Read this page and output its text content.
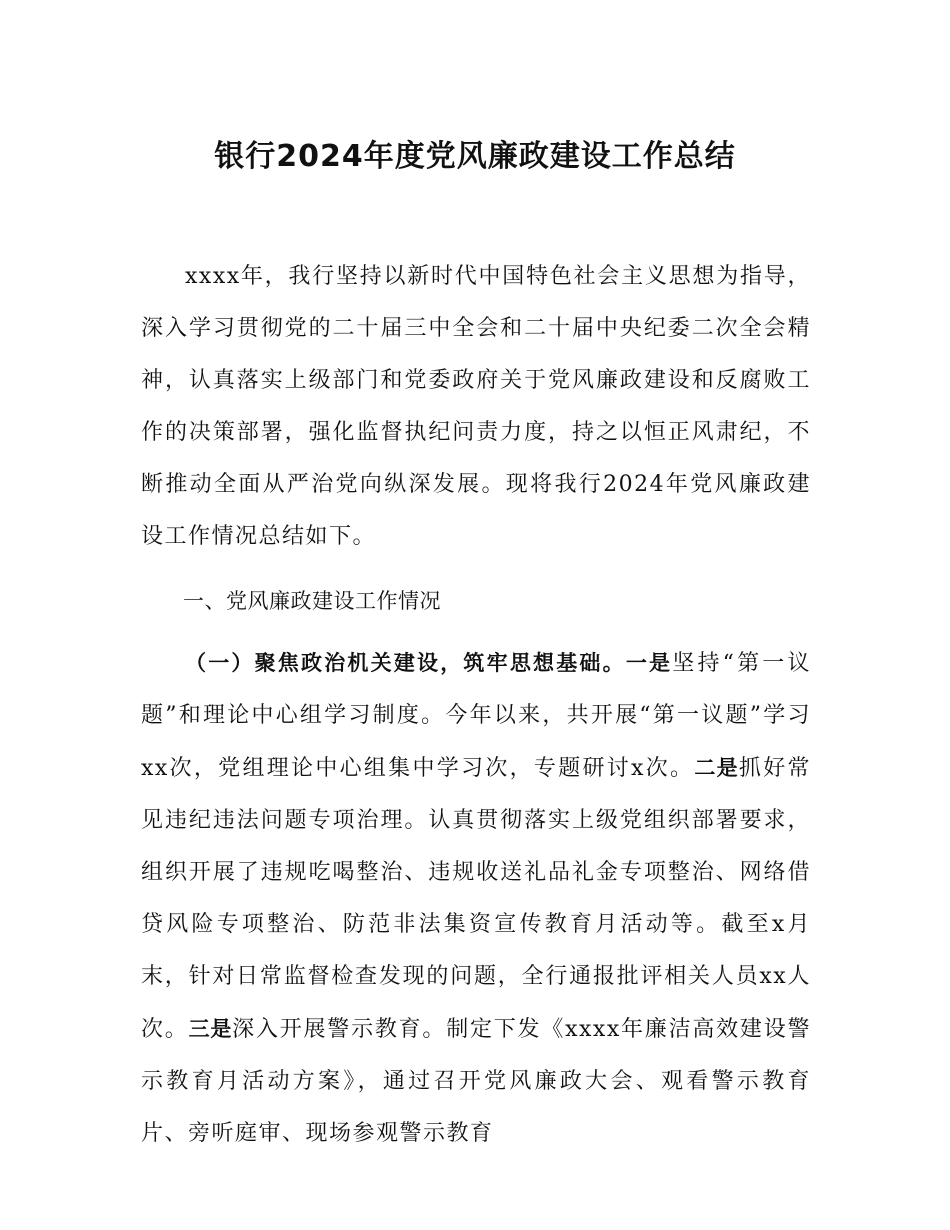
银行2024年度党风廉政建设工作总结

xxxx年，我行坚持以新时代中国特色社会主义思想为指导，深入学习贯彻党的二十届三中全会和二十届中央纪委二次全会精神，认真落实上级部门和党委政府关于党风廉政建设和反腐败工作的决策部署，强化监督执纪问责力度，持之以恒正风肃纪，不断推动全面从严治党向纵深发展。现将我行2024年党风廉政建设工作情况总结如下。

一、党风廉政建设工作情况

（一）聚焦政治机关建设，筑牢思想基础。一是坚持“第一议题”和理论中心组学习制度。今年以来，共开展“第一议题”学习xx次，党组理论中心组集中学习次，专题研讨x次。二是抓好常见违纪违法问题专项治理。认真贯彻落实上级党组织部署要求，组织开展了违规吃喝整治、违规收送礼品礼金专项整治、网络借贷风险专项整治、防范非法集资宣传教育月活动等。截至x月末，针对日常监督检查发现的问题，全行通报批评相关人员xx人次。三是深入开展警示教育。制定下发《xxxx年廉洁高效建设警示教育月活动方案》，通过召开党风廉政大会、观看警示教育片、旁听庭审、现场参观警示教育
